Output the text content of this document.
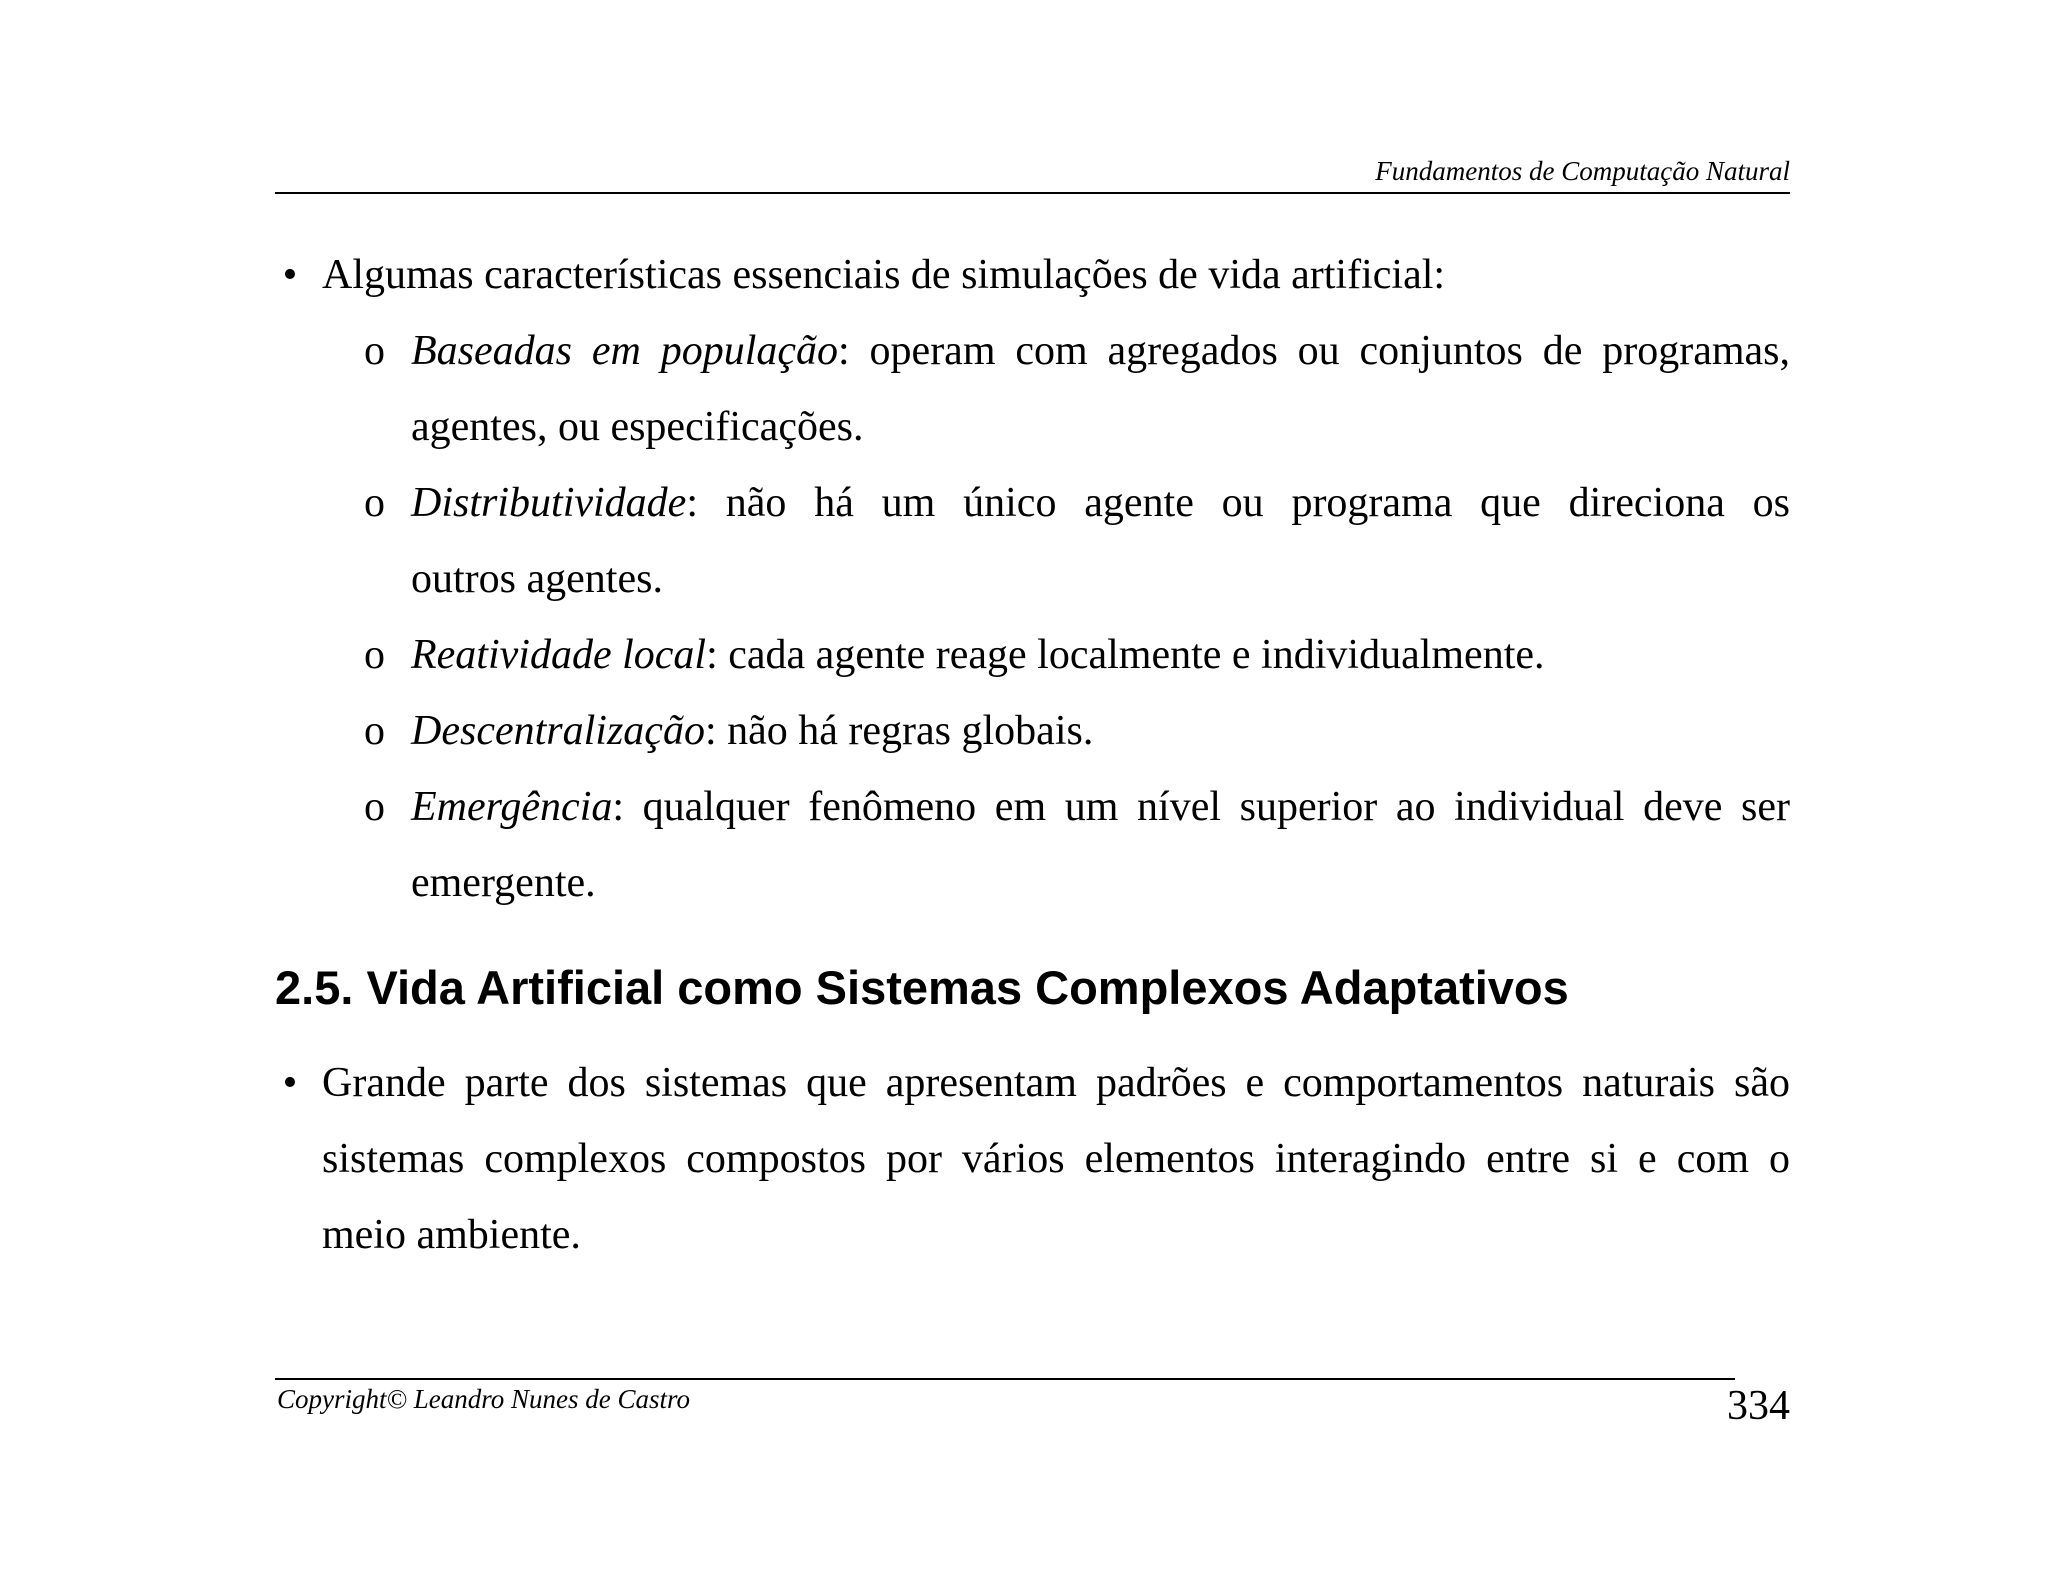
Fundamentos de Computação Natural
• Algumas características essenciais de simulações de vida artificial:
o Baseadas em população: operam com agregados ou conjuntos de programas,
agentes, ou especificações.
o Distributividade: não há um único agente ou programa que direciona os
outros agentes.
o Reatividade local: cada agente reage localmente e individualmente.
o Descentralização: não há regras globais.
o Emergência: qualquer fenômeno em um nível superior ao individual deve ser
emergente.
2.5. Vida Artificial como Sistemas Complexos Adaptativos
• Grande parte dos sistemas que apresentam padrões e comportamentos naturais são
sistemas complexos compostos por vários elementos interagindo entre si e com o
meio ambiente.
Copyright© Leandro Nunes de Castro	334
